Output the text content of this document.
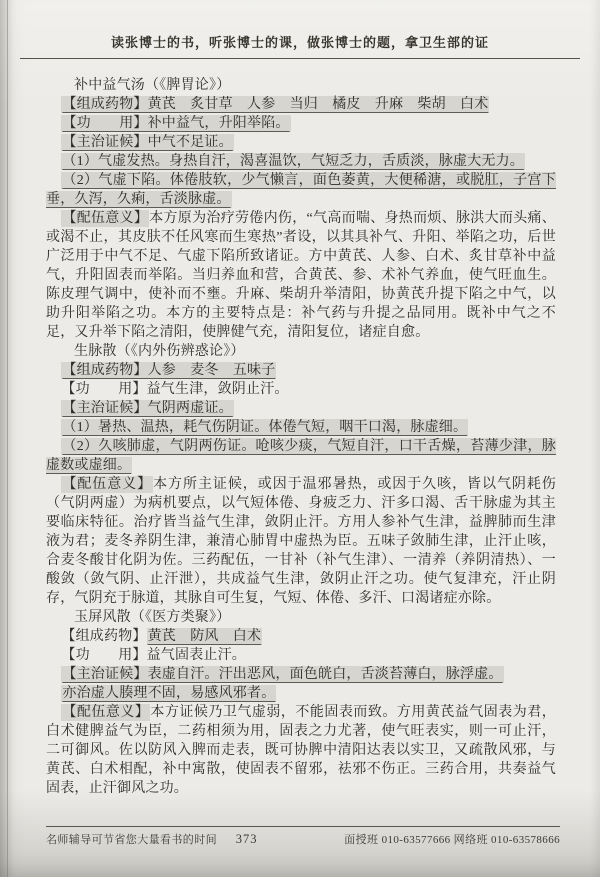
读张博士的书，听张博士的课，做张博士的题，拿卫生部的证

补中益气汤（《脾胃论》）

【组成药物】黄芪　炙甘草　人参　当归　橘皮　升麻　柴胡　白术

【功　　用】补中益气，升阳举陷。

【主治证候】中气不足证。

（1）气虚发热。身热自汗，渴喜温饮，气短乏力，舌质淡，脉虚大无力。

（2）气虚下陷。体倦肢软，少气懒言，面色萎黄，大便稀溏，或脱肛，子宫下垂，久泻，久痢，舌淡脉虚。

【配伍意义】本方原为治疗劳倦内伤，“气高而喘、身热而烦、脉洪大而头痛、或渴不止，其皮肤不任风寒而生寒热”者设，以其具补气、升阳、举陷之功，后世广泛用于中气不足、气虚下陷所致诸证。方中黄芪、人参、白术、炙甘草补中益气，升阳固表而举陷。当归养血和营，合黄芪、参、术补气养血，使气旺血生。陈皮理气调中，使补而不壅。升麻、柴胡升举清阳，协黄芪升提下陷之中气，以助升阳举陷之功。本方的主要特点是：补气药与升提之品同用。既补中气之不足，又升举下陷之清阳，使脾健气充，清阳复位，诸症自愈。

生脉散（《内外伤辨惑论》）

【组成药物】人参　麦冬　五味子

【功　　用】益气生津，敛阴止汗。

【主治证候】气阴两虚证。

（1）暑热、温热，耗气伤阴证。体倦气短，咽干口渴，脉虚细。

（2）久咳肺虚，气阴两伤证。呛咳少痰，气短自汗，口干舌燥，苔薄少津，脉虚数或虚细。

【配伍意义】本方所主证候，或因于温邪暑热，或因于久咳，皆以气阴耗伤（气阴两虚）为病机要点，以气短体倦、身疲乏力、汗多口渴、舌干脉虚为其主要临床特征。治疗皆当益气生津，敛阴止汗。方用人参补气生津，益脾肺而生津液为君；麦冬养阴生津，兼清心肺胃中虚热为臣。五味子敛肺生津，止汗止咳，合麦冬酸甘化阴为佐。三药配伍，一甘补（补气生津）、一清养（养阴清热）、一酸敛（敛气阴、止汗泄），共成益气生津，敛阴止汗之功。使气复津充，汗止阴存，气阴充于脉道，其脉自可生复，气短、体倦、多汗、口渴诸症亦除。

玉屏风散（《医方类聚》）

【组成药物】黄芪　防风　白术

【功　　用】益气固表止汗。

【主治证候】表虚自汗。汗出恶风，面色㿠白，舌淡苔薄白，脉浮虚。

亦治虚人腠理不固，易感风邪者。

【配伍意义】本方证候乃卫气虚弱，不能固表而致。方用黄芪益气固表为君，白术健脾益气为臣，二药相须为用，固表之力尤著，使气旺表实，则一可止汗，二可御风。佐以防风入脾而走表，既可协脾中清阳达表以实卫，又疏散风邪，与黄芪、白术相配，补中寓散，使固表不留邪，祛邪不伤正。三药合用，共奏益气固表，止汗御风之功。

名师辅导可节省您大量看书的时间 373	面授班 010-63577666 网络班 010-63578666
